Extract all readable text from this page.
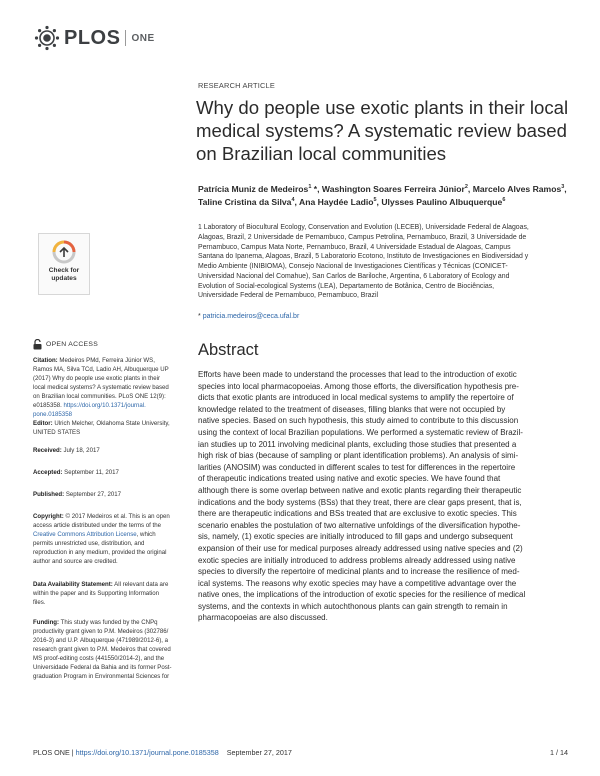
PLOS ONE
RESEARCH ARTICLE
Why do people use exotic plants in their local medical systems? A systematic review based on Brazilian local communities
Patrícia Muniz de Medeiros$^1$ *, Washington Soares Ferreira Júnior$^2$, Marcelo Alves Ramos$^3$, Taline Cristina da Silva$^4$, Ana Haydée Ladio$^5$, Ulysses Paulino Albuquerque$^6$
1 Laboratory of Biocultural Ecology, Conservation and Evolution (LECEB), Universidade Federal de Alagoas,
Alagoas, Brazil, 2 Universidade de Pernambuco, Campus Petrolina, Pernambuco, Brazil, 3 Universidade de
Pernambuco, Campus Mata Norte, Pernambuco, Brazil, 4 Universidade Estadual de Alagoas, Campus
Santana do Ipanema, Alagoas, Brazil, 5 Laboratorio Ecotono, Instituto de Investigaciones en Biodiversidad y
Medio Ambiente (INIBIOMA), Consejo Nacional de Investigaciones Científicas y Técnicas (CONICET-
Universidad Nacional del Comahue), San Carlos de Bariloche, Argentina, 6 Laboratory of Ecology and
Evolution of Social-ecological Systems (LEA), Departamento de Botânica, Centro de Biociências,
Universidade Federal de Pernambuco, Pernambuco, Brazil
* patricia.medeiros@ceca.ufal.br
Abstract
Efforts have been made to understand the processes that lead to the introduction of exotic
species into local pharmacopoeias. Among those efforts, the diversification hypothesis pre-
dicts that exotic plants are introduced in local medical systems to amplify the repertoire of
knowledge related to the treatment of diseases, filling blanks that were not occupied by
native species. Based on such hypothesis, this study aimed to contribute to this discussion
using the context of local Brazilian populations. We performed a systematic review of Brazil-
ian studies up to 2011 involving medicinal plants, excluding those studies that presented a
high risk of bias (because of sampling or plant identification problems). An analysis of simi-
larities (ANOSIM) was conducted in different scales to test for differences in the repertoire
of therapeutic indications treated using native and exotic species. We have found that
although there is some overlap between native and exotic plants regarding their therapeutic
indications and the body systems (BSs) that they treat, there are clear gaps present, that is,
there are therapeutic indications and BSs treated that are exclusive to exotic species. This
scenario enables the postulation of two alternative unfoldings of the diversification hypothe-
sis, namely, (1) exotic species are initially introduced to fill gaps and undergo subsequent
expansion of their use for medical purposes already addressed using native species and (2)
exotic species are initially introduced to address problems already addressed using native
species to diversify the repertoire of medicinal plants and to increase the resilience of med-
ical systems. The reasons why exotic species may have a competitive advantage over the
native ones, the implications of the introduction of exotic species for the resilience of medical
systems, and the contexts in which autochthonous plants can gain strength to remain in
pharmacopoeias are also discussed.
Check for
updates
OPEN ACCESS
Citation: Medeiros PMd, Ferreira Júnior WS,
Ramos MA, Silva TCd, Ladio AH, Albuquerque UP
(2017) Why do people use exotic plants in their
local medical systems? A systematic review based
on Brazilian local communities. PLoS ONE 12(9):
e0185358. https://doi.org/10.1371/journal.
pone.0185358
Editor: Ulrich Melcher, Oklahoma State University,
UNITED STATES
Received: July 18, 2017
Accepted: September 11, 2017
Published: September 27, 2017
Copyright: © 2017 Medeiros et al. This is an open
access article distributed under the terms of the
Creative Commons Attribution License, which
permits unrestricted use, distribution, and
reproduction in any medium, provided the original
author and source are credited.
Data Availability Statement: All relevant data are
within the paper and its Supporting Information
files.
Funding: This study was funded by the CNPq
productivity grant given to P.M. Medeiros (302786/
2016-3) and U.P. Albuquerque (471989/2012-6), a
research grant given to P.M. Medeiros that covered
MS proof-editing costs (441550/2014-2), and the
Universidade Federal da Bahia and its former Post-
graduation Program in Environmental Sciences for
PLOS ONE | https://doi.org/10.1371/journal.pone.0185358 September 27, 2017	1 / 14
